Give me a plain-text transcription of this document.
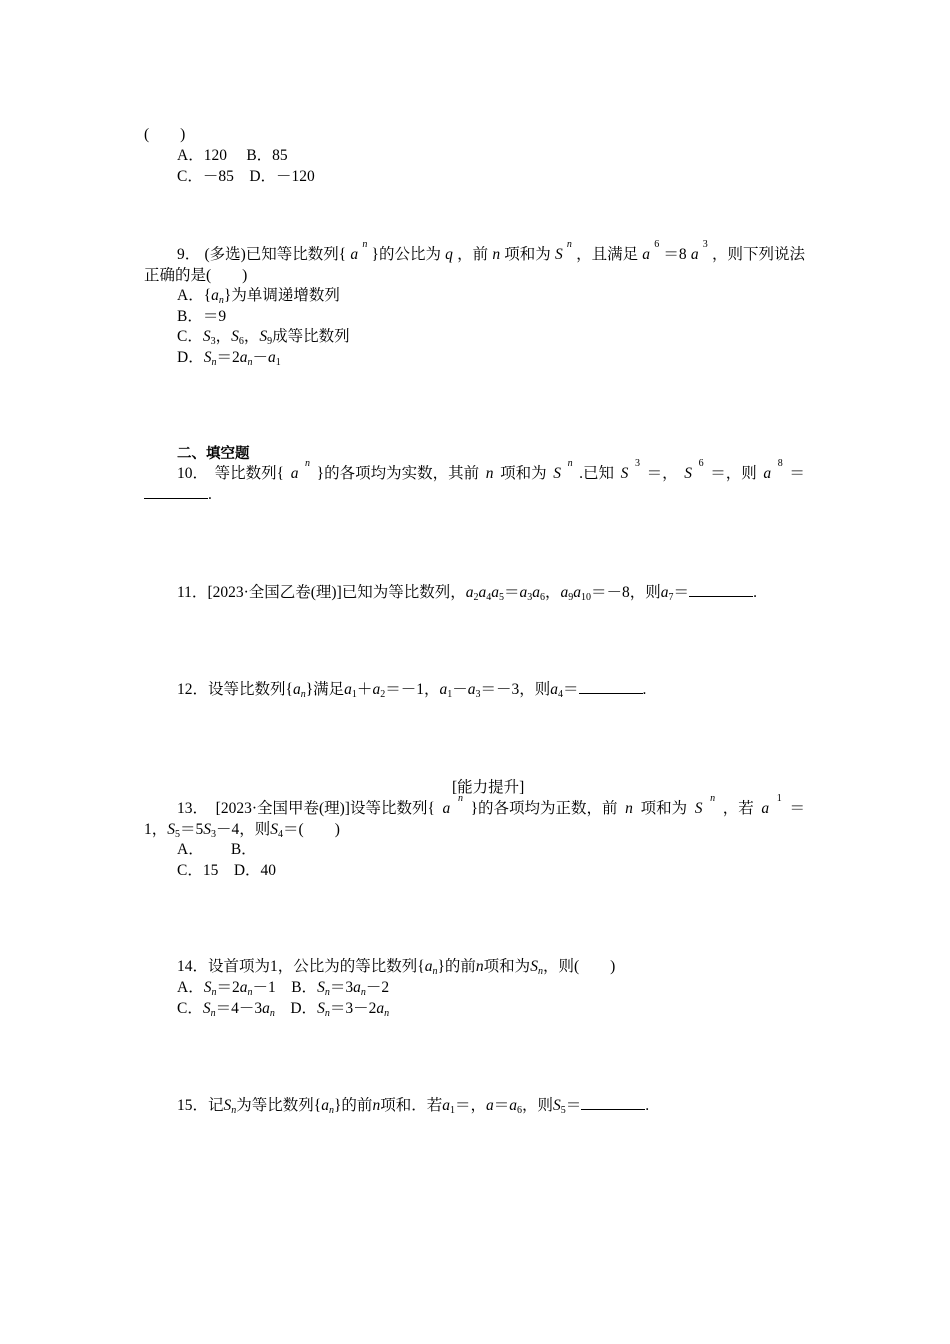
(　　)
A．120　 B．85
C．－85　D．－120
9． (多选)已知等比数列{ a
n
}的公比为 q ，前 n 项和为 S
n
，且满足 a
6
＝8 a
3
，则下列说法
正确的是(　　)
A．$\{a_n\}$为单调递增数列
B．＝9
C．$S_3$，$S_6$，$S_9$成等比数列
D．$S_n=2a_n-a_1$
二、填空题
10． 等比数列{ a
n
}的各项均为实数，其前 n 项和为 S
n
.已知 S
3
＝， S
6
＝，则 a
8
＝
.
11．[2023·全国乙卷(理)]已知为等比数列，$a_2a_4a_5=a_3a_6$，$a_9a_{10}=-8$，则$a_7=$	.
12．设等比数列$\{a_n\}$满足$a_1+a_2=-1$，$a_1-a_3=-3$，则$a_4=$	.
[能力提升]
13． [2023·全国甲卷(理)]设等比数列{ a
n
}的各项均为正数，前 n 项和为 S
n
，若 a
1
＝
1，$S_5=5S_3-4$，则$S_4=$(　　)
A．　　 B．
C．15　D．40
14．设首项为1，公比为的等比数列$\{a_n\}$的前n项和为$S_n$，则(　　)
A．$S_n=2a_n-1$　B．$S_n=3a_n-2$
C．$S_n=4-3a_n$　D．$S_n=3-2a_n$
15．记$S_n$为等比数列$\{a_n\}$的前n项和．若$a_1=$，$a=a_6$，则$S_5=$	.
